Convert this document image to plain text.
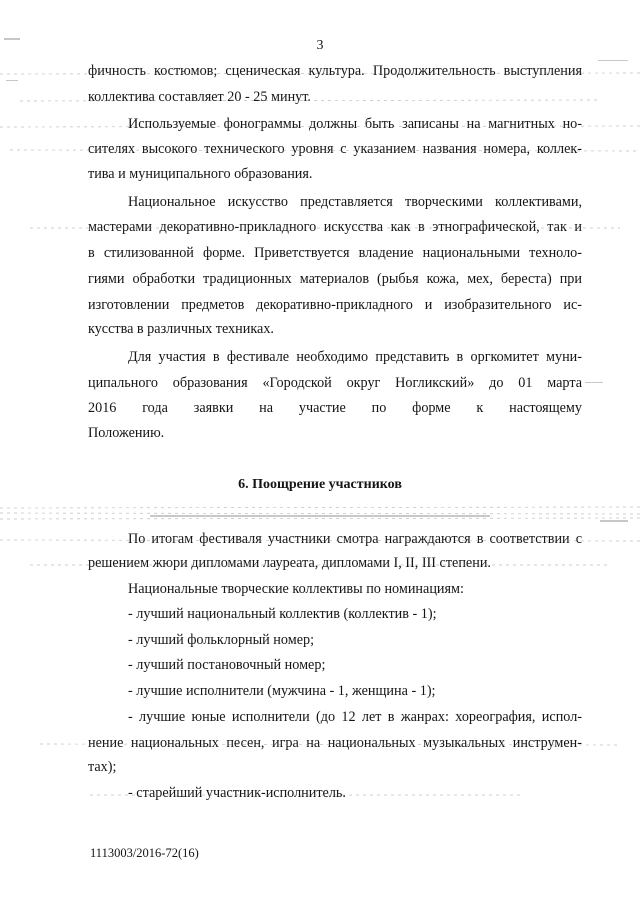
3
фичность костюмов; сценическая культура. Продолжительность выступления
коллектива составляет 20 - 25 минут.
Используемые фонограммы должны быть записаны на магнитных но-
сителях высокого технического уровня с указанием названия номера, коллек-
тива и муниципального образования.
Национальное искусство представляется творческими коллективами,
мастерами декоративно-прикладного искусства как в этнографической, так и
в стилизованной форме. Приветствуется владение национальными техноло-
гиями обработки традиционных материалов (рыбья кожа, мех, береста) при
изготовлении предметов декоративно-прикладного и изобразительного ис-
кусства в различных техниках.
Для участия в фестивале необходимо представить в оргкомитет муни-
ципального образования «Городской округ Ногликский» до 01 марта
2016 года заявки на участие по форме к настоящему
Положению.
6. Поощрение участников
По итогам фестиваля участники смотра награждаются в соответствии с
решением жюри дипломами лауреата, дипломами I, II, III степени.
Национальные творческие коллективы по номинациям:
- лучший национальный коллектив (коллектив - 1);
- лучший фольклорный номер;
- лучший постановочный номер;
- лучшие исполнители (мужчина - 1, женщина - 1);
- лучшие юные исполнители (до 12 лет в жанрах: хореография, испол-
нение национальных песен, игра на национальных музыкальных инструмен-
тах);
- старейший участник-исполнитель.
1113003/2016-72(16)
